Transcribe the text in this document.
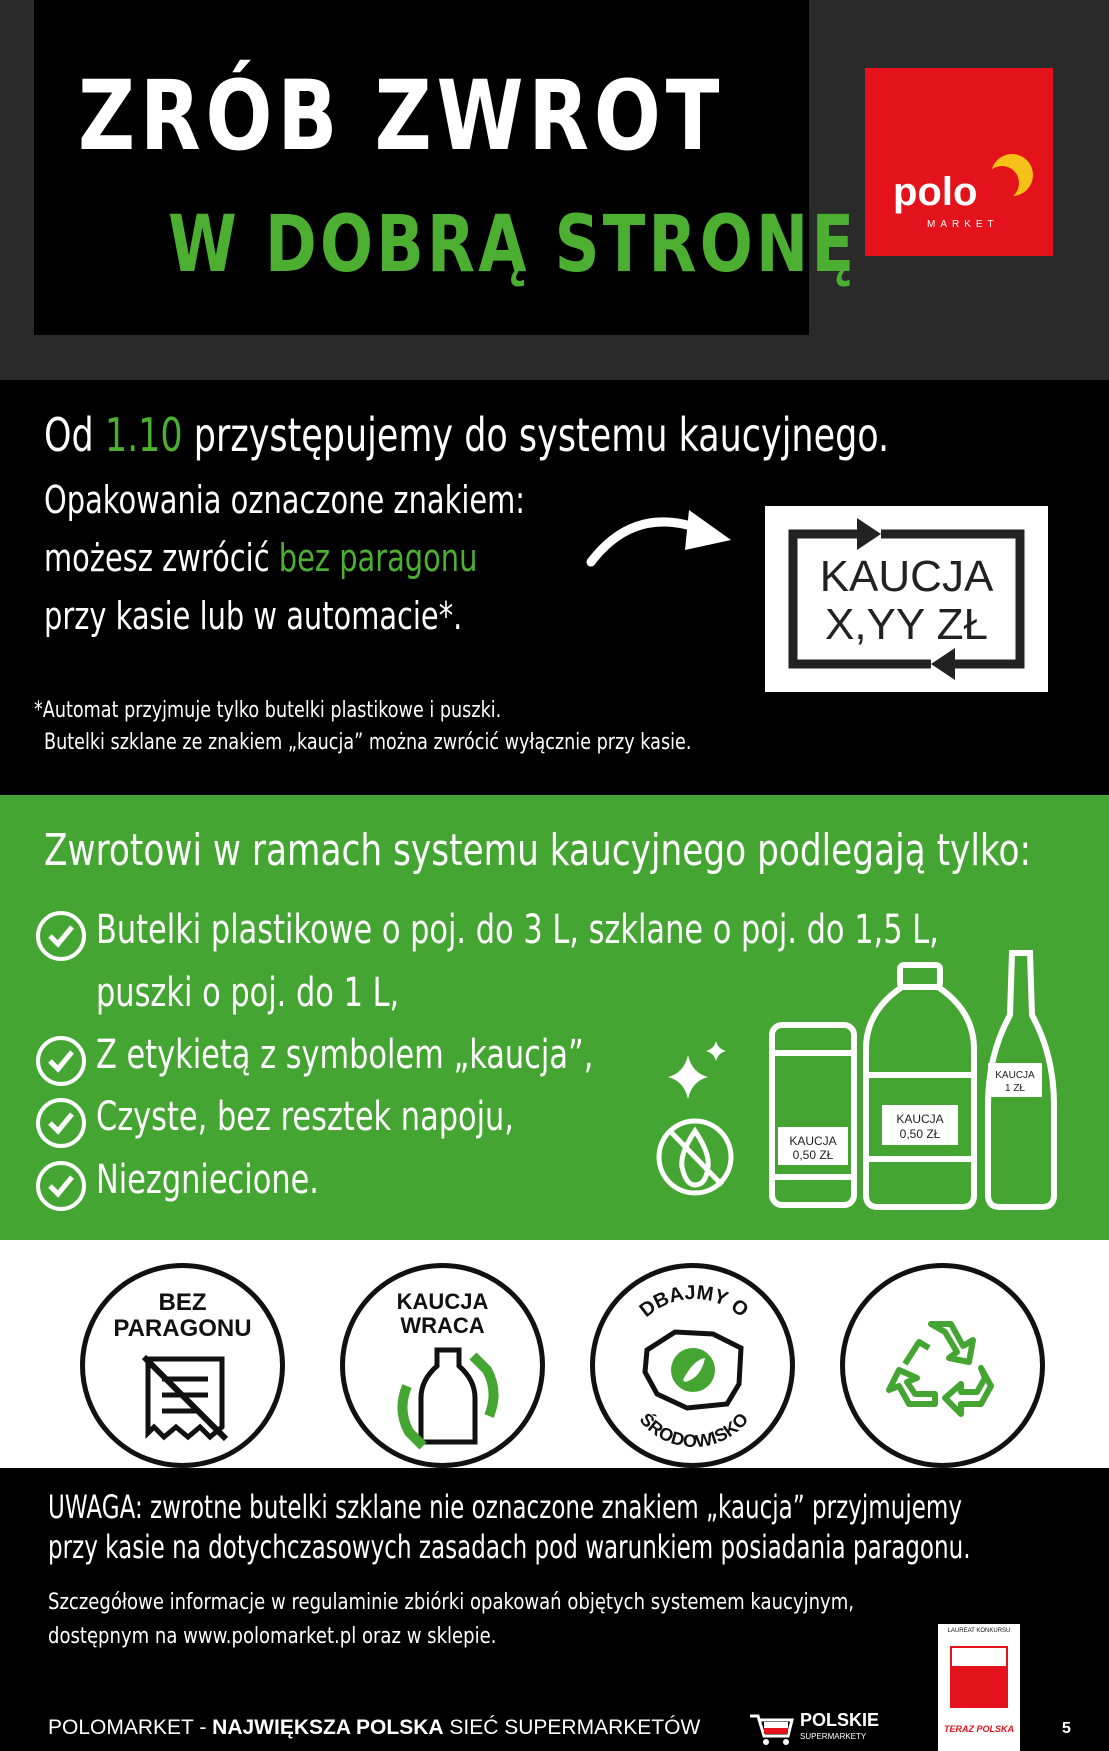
ZRÓB ZWROT
W DOBRĄ STRONĘ
polo
MARKET
Od 1.10 przystępujemy do systemu kaucyjnego.
Opakowania oznaczone znakiem:
możesz zwrócić bez paragonu
przy kasie lub w automacie*.
KAUCJA
X,YY ZŁ
*Automat przyjmuje tylko butelki plastikowe i puszki.
Butelki szklane ze znakiem „kaucja” można zwrócić wyłącznie przy kasie.
Zwrotowi w ramach systemu kaucyjnego podlegają tylko:
Butelki plastikowe o poj. do 3 L, szklane o poj. do 1,5 L,
puszki o poj. do 1 L,
Z etykietą z symbolem „kaucja”,
Czyste, bez resztek napoju,
Niezgniecione.
KAUCJA
0,50 ZŁ
KAUCJA
0,50 ZŁ
KAUCJA
1 ZŁ
BEZ
PARAGONU
KAUCJA
WRACA
DBAJMY O
ŚRODOWISKO
UWAGA: zwrotne butelki szklane nie oznaczone znakiem „kaucja” przyjmujemy
przy kasie na dotychczasowych zasadach pod warunkiem posiadania paragonu.
Szczegółowe informacje w regulaminie zbiórki opakowań objętych systemem kaucyjnym,
dostępnym na www.polomarket.pl oraz w sklepie.
POLOMARKET - NAJWIĘKSZA POLSKA SIEĆ SUPERMARKETÓW	POLSKIE
SUPERMARKETY
LAUREAT KONKURSU
TERAZ POLSKA	5
